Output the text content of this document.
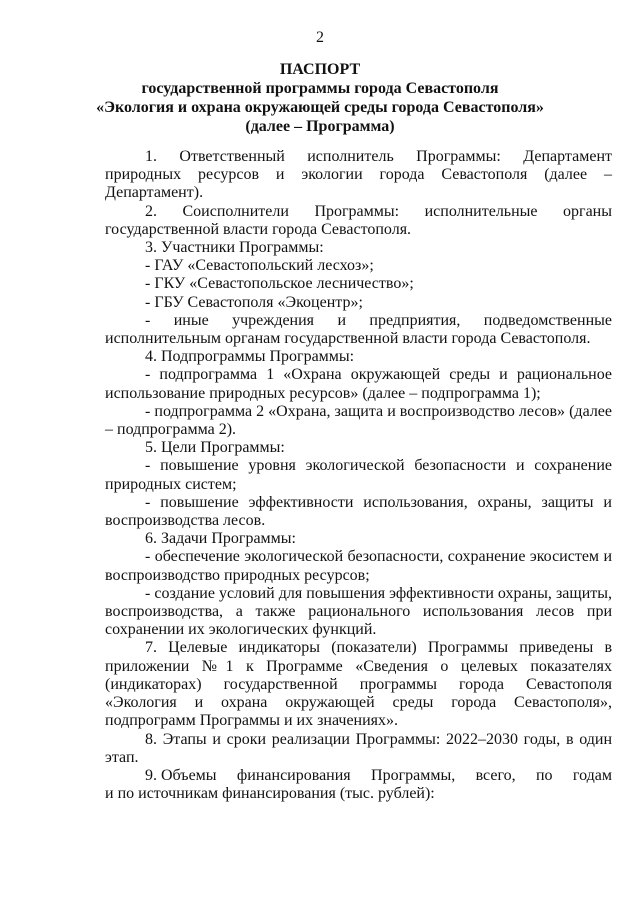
2
ПАСПОРТ
государственной программы города Севастополя
«Экология и охрана окружающей среды города Севастополя»
(далее – Программа)

1. Ответственный исполнитель Программы: Департамент природных ресурсов и экологии города Севастополя (далее – Департамент).

2. Соисполнители Программы: исполнительные органы государственной власти города Севастополя.

3. Участники Программы:

- ГАУ «Севастопольский лесхоз»;

- ГКУ «Севастопольское лесничество»;

- ГБУ Севастополя «Экоцентр»;

- иные учреждения и предприятия, подведомственные исполнительным органам государственной власти города Севастополя.

4. Подпрограммы Программы:

- подпрограмма 1 «Охрана окружающей среды и рациональное использование природных ресурсов» (далее – подпрограмма 1);

- подпрограмма 2 «Охрана, защита и воспроизводство лесов» (далее – подпрограмма 2).

5. Цели Программы:

- повышение уровня экологической безопасности и сохранение природных систем;

- повышение эффективности использования, охраны, защиты и воспроизводства лесов.

6. Задачи Программы:

- обеспечение экологической безопасности, сохранение экосистем и воспроизводство природных ресурсов;

- создание условий для повышения эффективности охраны, защиты, воспроизводства, а также рационального использования лесов при сохранении их экологических функций.

7. Целевые индикаторы (показатели) Программы приведены в приложении №1 к Программе «Сведения о целевых показателях (индикаторах) государственной программы города Севастополя «Экология и охрана окружающей среды города Севастополя», подпрограмм Программы и их значениях».

8. Этапы и сроки реализации Программы: 2022–2030 годы, в один этап.

9. Объемы финансирования Программы, всего, по годам
и по источникам финансирования (тыс. рублей):
